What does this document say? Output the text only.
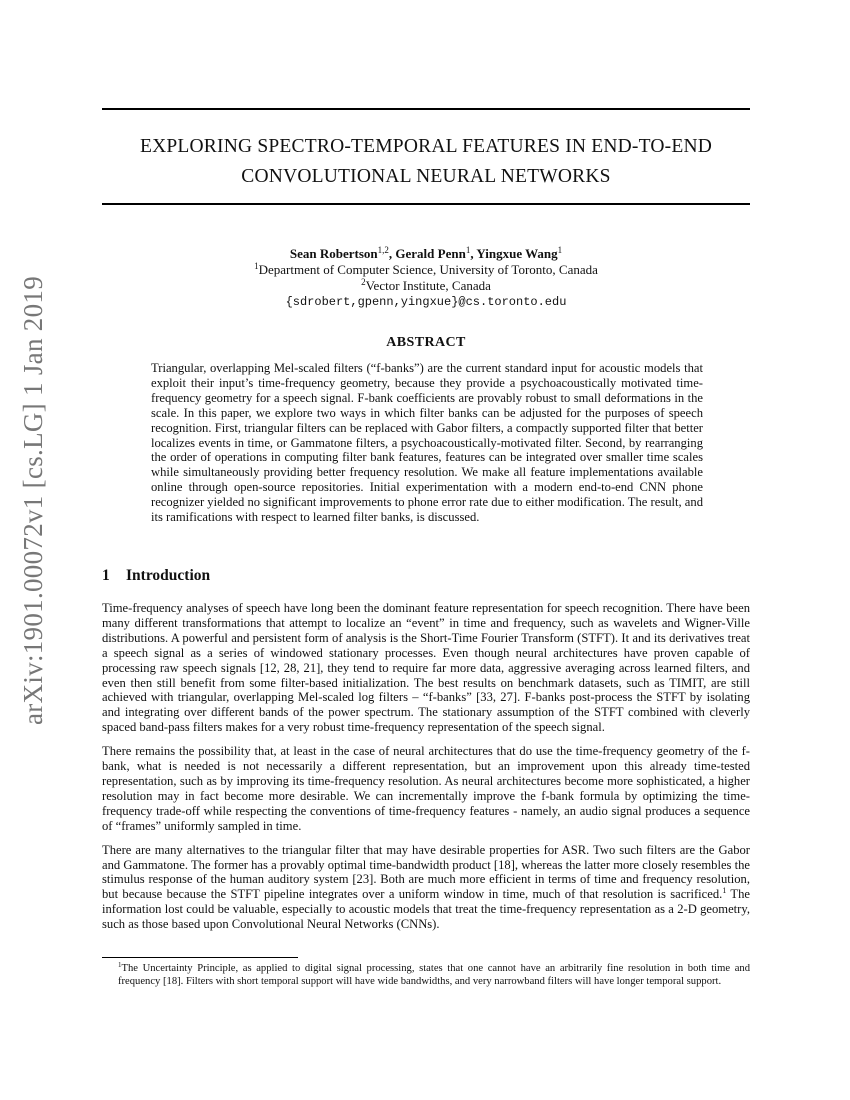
arXiv:1901.00072v1 [cs.LG] 1 Jan 2019
EXPLORING SPECTRO-TEMPORAL FEATURES IN END-TO-END
CONVOLUTIONAL NEURAL NETWORKS
Sean Robertson$^{1,2}$, Gerald Penn$^1$, Yingxue Wang$^1$
$^1$Department of Computer Science, University of Toronto, Canada
$^2$Vector Institute, Canada
{sdrobert,gpenn,yingxue}@cs.toronto.edu
ABSTRACT
Triangular, overlapping Mel-scaled filters (“f-banks”) are the current standard input for acoustic models that exploit their input’s time-frequency geometry, because they provide a psychoacoustically motivated time-frequency geometry for a speech signal. F-bank coefficients are provably robust to small deformations in the scale. In this paper, we explore two ways in which filter banks can be adjusted for the purposes of speech recognition. First, triangular filters can be replaced with Gabor filters, a compactly supported filter that better localizes events in time, or Gammatone filters, a psychoacoustically-motivated filter. Second, by rearranging the order of operations in computing filter bank features, features can be integrated over smaller time scales while simultaneously providing better frequency resolution. We make all feature implementations available online through open-source repositories. Initial experimentation with a modern end-to-end CNN phone recognizer yielded no significant improvements to phone error rate due to either modification. The result, and its ramifications with respect to learned filter banks, is discussed.
1 Introduction

Time-frequency analyses of speech have long been the dominant feature representation for speech recognition. There have been many different transformations that attempt to localize an “event” in time and frequency, such as wavelets and Wigner-Ville distributions. A powerful and persistent form of analysis is the Short-Time Fourier Transform (STFT). It and its derivatives treat a speech signal as a series of windowed stationary processes. Even though neural architectures have proven capable of processing raw speech signals [12, 28, 21], they tend to require far more data, aggressive averaging across learned filters, and even then still benefit from some filter-based initialization. The best results on benchmark datasets, such as TIMIT, are still achieved with triangular, overlapping Mel-scaled log filters – “f-banks” [33, 27]. F-banks post-process the STFT by isolating and integrating over different bands of the power spectrum. The stationary assumption of the STFT combined with cleverly spaced band-pass filters makes for a very robust time-frequency representation of the speech signal.

There remains the possibility that, at least in the case of neural architectures that do use the time-frequency geometry of the f-bank, what is needed is not necessarily a different representation, but an improvement upon this already time-tested representation, such as by improving its time-frequency resolution. As neural architectures become more sophisticated, a higher resolution may in fact become more desirable. We can incrementally improve the f-bank formula by optimizing the time-frequency trade-off while respecting the conventions of time-frequency features - namely, an audio signal produces a sequence of “frames” uniformly sampled in time.

There are many alternatives to the triangular filter that may have desirable properties for ASR. Two such filters are the Gabor and Gammatone. The former has a provably optimal time-bandwidth product [18], whereas the latter more closely resembles the stimulus response of the human auditory system [23]. Both are much more efficient in terms of time and frequency resolution, but because because the STFT pipeline integrates over a uniform window in time, much of that resolution is sacrificed.$^1$ The information lost could be valuable, especially to acoustic models that treat the time-frequency representation as a 2-D geometry, such as those based upon Convolutional Neural Networks (CNNs).

$^1$The Uncertainty Principle, as applied to digital signal processing, states that one cannot have an arbitrarily fine resolution in both time and frequency [18]. Filters with short temporal support will have wide bandwidths, and very narrowband filters will have longer temporal support.
